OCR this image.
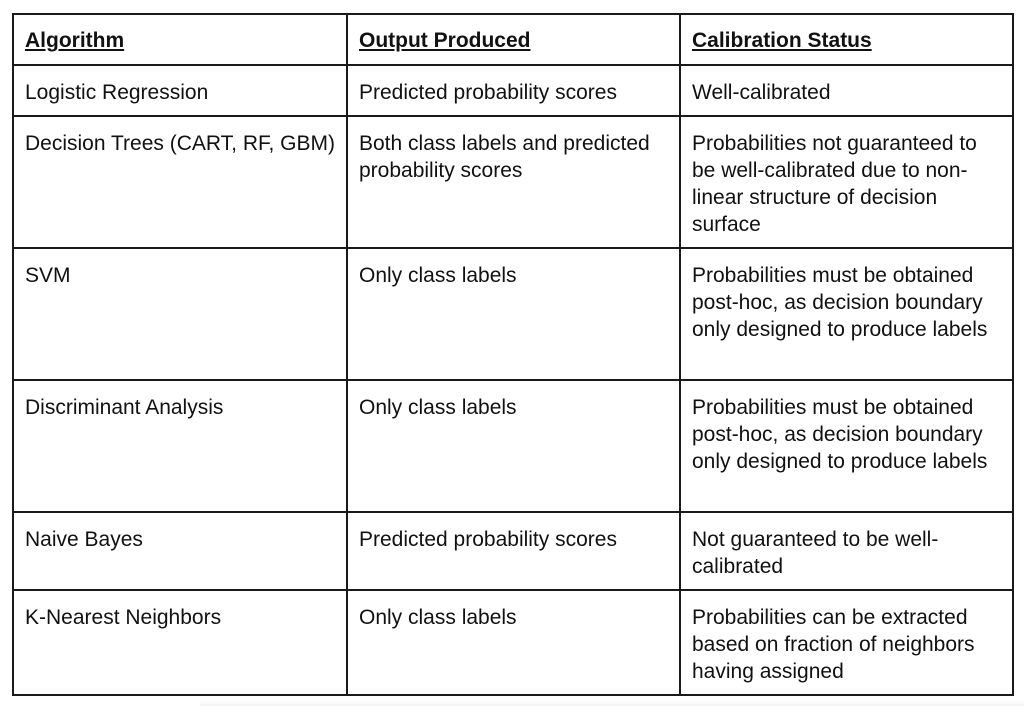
Algorithm	Output Produced	Calibration Status
Logistic Regression	Predicted probability scores	Well-calibrated
Decision Trees (CART, RF, GBM)	Both class labels and predicted probability scores	Probabilities not guaranteed to be well-calibrated due to non-linear structure of decision surface
SVM	Only class labels	Probabilities must be obtained post-hoc, as decision boundary only designed to produce labels
Discriminant Analysis	Only class labels	Probabilities must be obtained post-hoc, as decision boundary only designed to produce labels
Naive Bayes	Predicted probability scores	Not guaranteed to be well-calibrated
K-Nearest Neighbors	Only class labels	Probabilities can be extracted based on fraction of neighbors having assigned
